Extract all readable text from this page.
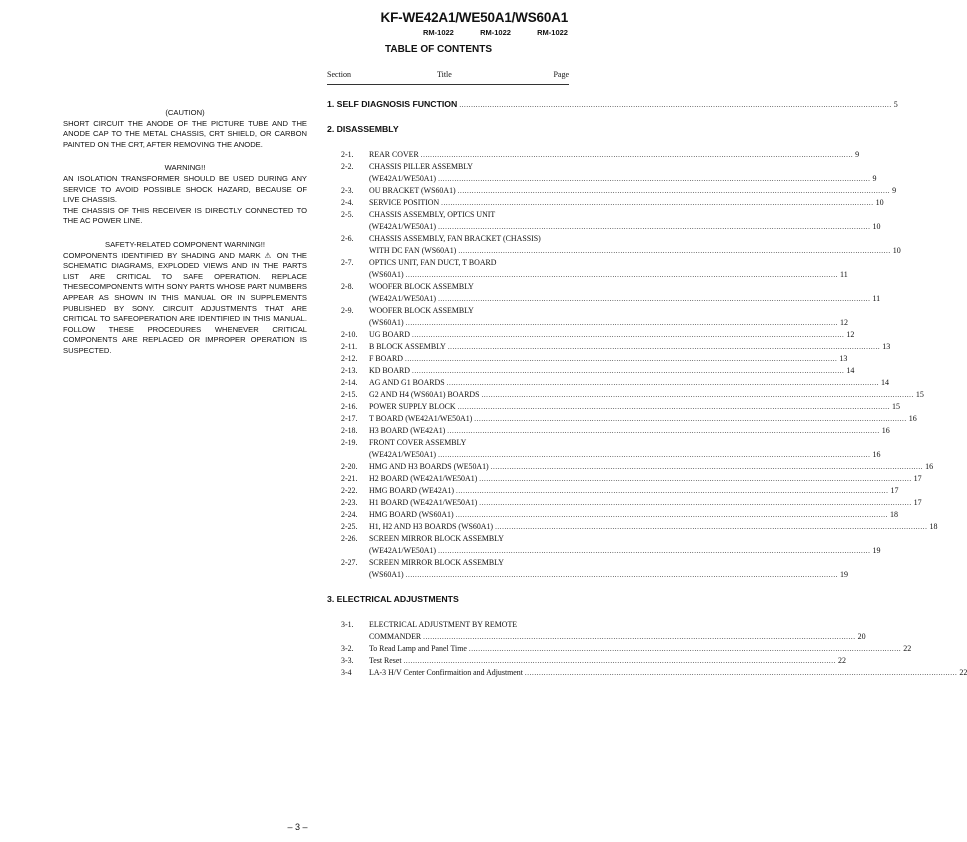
KF-WE42A1/WE50A1/WS60A1
RM-1022	RM-1022	RM-1022
TABLE OF CONTENTS
Section	Title	Page

(CAUTION)

SHORT CIRCUIT THE ANODE OF THE PICTURE TUBE AND THE ANODE CAP TO THE METAL CHASSIS, CRT SHIELD, OR CARBON PAINTED ON THE CRT, AFTER REMOVING THE ANODE.

WARNING!!

AN ISOLATION TRANSFORMER SHOULD BE USED DURING ANY SERVICE TO AVOID POSSIBLE SHOCK HAZARD, BECAUSE OF LIVE CHASSIS.

THE CHASSIS OF THIS RECEIVER IS DIRECTLY CONNECTED TO THE AC POWER LINE.

SAFETY-RELATED COMPONENT WARNING!!

COMPONENTS IDENTIFIED BY SHADING AND MARK ⚠ ON THE SCHEMATIC DIAGRAMS, EXPLODED VIEWS AND IN THE PARTS LIST ARE CRITICAL TO SAFE OPERATION. REPLACE THESECOMPONENTS WITH SONY PARTS WHOSE PART NUMBERS APPEAR AS SHOWN IN THIS MANUAL OR IN SUPPLEMENTS PUBLISHED BY SONY. CIRCUIT ADJUSTMENTS THAT ARE CRITICAL TO SAFEOPERATION ARE IDENTIFIED IN THIS MANUAL. FOLLOW THESE PROCEDURES WHENEVER CRITICAL COMPONENTS ARE REPLACED OR IMPROPER OPERATION IS SUSPECTED.

1. SELF DIAGNOSIS FUNCTION .....	5
2. DISASSEMBLY
2-1.	REAR COVER .....	9
2-2.	CHASSIS PILLER ASSEMBLY
(WE42A1/WE50A1) .....	9
2-3.	OU BRACKET (WS60A1) .....	9
2-4.	SERVICE POSITION .....	10
2-5.	CHASSIS ASSEMBLY, OPTICS UNIT
(WE42A1/WE50A1) .....	10
2-6.	CHASSIS ASSEMBLY, FAN BRACKET (CHASSIS)
WITH DC FAN (WS60A1) .....	10
2-7.	OPTICS UNIT, FAN DUCT, T BOARD
(WS60A1) .....	11
2-8.	WOOFER BLOCK ASSEMBLY
(WE42A1/WE50A1) .....	11
2-9.	WOOFER BLOCK ASSEMBLY
(WS60A1) .....	12
2-10.	UG BOARD .....	12
2-11.	B BLOCK ASSEMBLY .....	13
2-12.	F BOARD .....	13
2-13.	KD BOARD .....	14
2-14.	AG AND G1 BOARDS .....	14
2-15.	G2 AND H4 (WS60A1) BOARDS .....	15
2-16.	POWER SUPPLY BLOCK .....	15
2-17.	T BOARD (WE42A1/WE50A1) .....	16
2-18.	H3 BOARD (WE42A1) .....	16
2-19.	FRONT COVER ASSEMBLY
(WE42A1/WE50A1) .....	16
2-20.	HMG AND H3 BOARDS (WE50A1) .....	16
2-21.	H2 BOARD (WE42A1/WE50A1) .....	17
2-22.	HMG BOARD (WE42A1) .....	17
2-23.	H1 BOARD (WE42A1/WE50A1) .....	17
2-24.	HMG BOARD (WS60A1) .....	18
2-25.	H1, H2 AND H3 BOARDS (WS60A1) .....	18
2-26.	SCREEN MIRROR BLOCK ASSEMBLY
(WE42A1/WE50A1) .....	19
2-27.	SCREEN MIRROR BLOCK ASSEMBLY
(WS60A1) .....	19
3. ELECTRICAL ADJUSTMENTS
3-1.	ELECTRICAL ADJUSTMENT BY REMOTE
COMMANDER .....	20
3-2.	To Read Lamp and Panel Time .....	22
3-3.	Test Reset .....	22
3-4	LA-3 H/V Center Confirmaition and Adjustment .....	22
– 3 –
